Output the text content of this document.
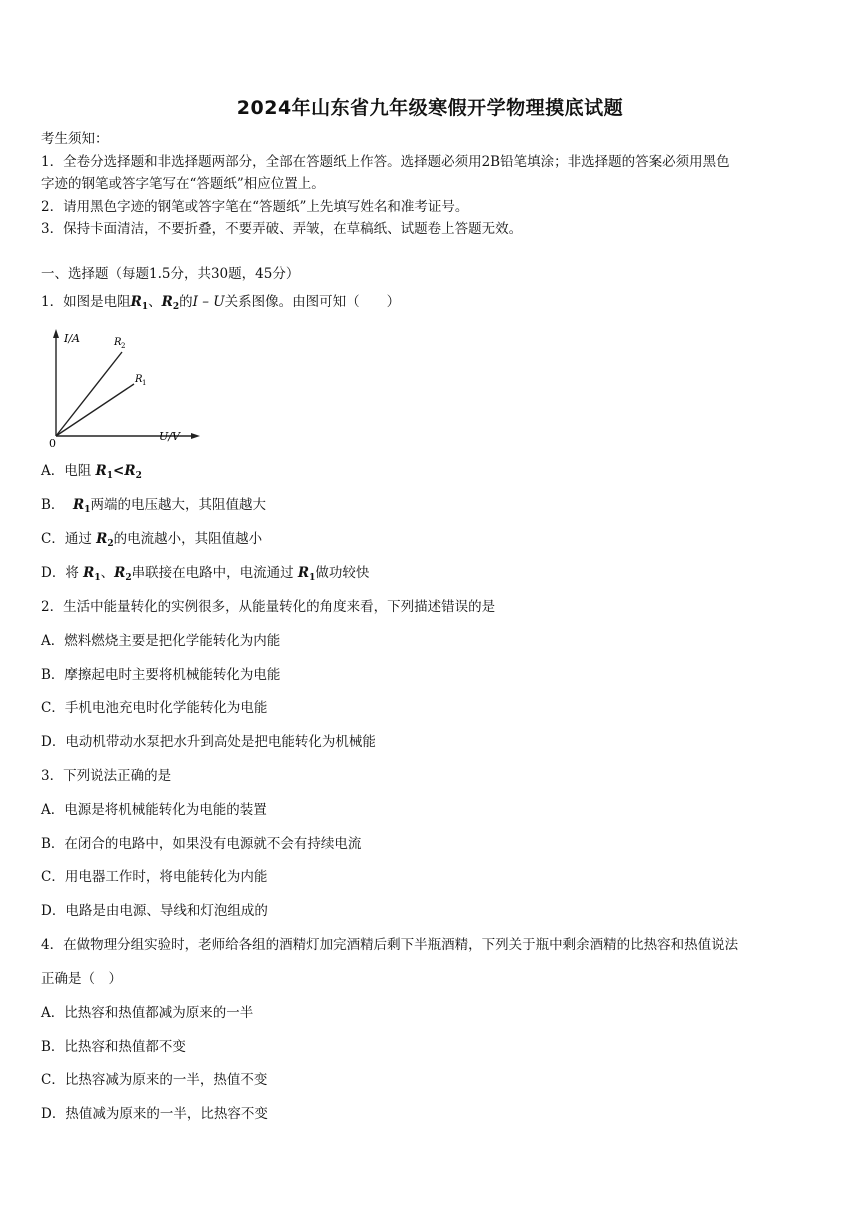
2024年山东省九年级寒假开学物理摸底试题
考生须知：
1．全卷分选择题和非选择题两部分，全部在答题纸上作答。选择题必须用2B铅笔填涂；非选择题的答案必须用黑色
字迹的钢笔或答字笔写在“答题纸”相应位置上。
2．请用黑色字迹的钢笔或答字笔在“答题纸”上先填写姓名和准考证号。
3．保持卡面清洁，不要折叠，不要弄破、弄皱，在草稿纸、试题卷上答题无效。
一、选择题（每题1.5分，共30题，45分）
1．如图是电阻$R_1$、$R_2$的I – U关系图像。由图可知（　　）
I/A
U/V
0
R 2
R 1
A．电阻 $R_1<R_2$
B．  $R_1$两端的电压越大，其阻值越大
C．通过 $R_2$的电流越小，其阻值越小
D．将 $R_1$、$R_2$串联接在电路中，电流通过 $R_1$做功较快
2．生活中能量转化的实例很多，从能量转化的角度来看，下列描述错误的是
A．燃料燃烧主要是把化学能转化为内能
B．摩擦起电时主要将机械能转化为电能
C．手机电池充电时化学能转化为电能
D．电动机带动水泵把水升到高处是把电能转化为机械能
3．下列说法正确的是
A．电源是将机械能转化为电能的装置
B．在闭合的电路中，如果没有电源就不会有持续电流
C．用电器工作时，将电能转化为内能
D．电路是由电源、导线和灯泡组成的
4．在做物理分组实验时，老师给各组的酒精灯加完酒精后剩下半瓶酒精，下列关于瓶中剩余酒精的比热容和热值说法
正确是（　）
A．比热容和热值都减为原来的一半
B．比热容和热值都不变
C．比热容减为原来的一半，热值不变
D．热值减为原来的一半，比热容不变
